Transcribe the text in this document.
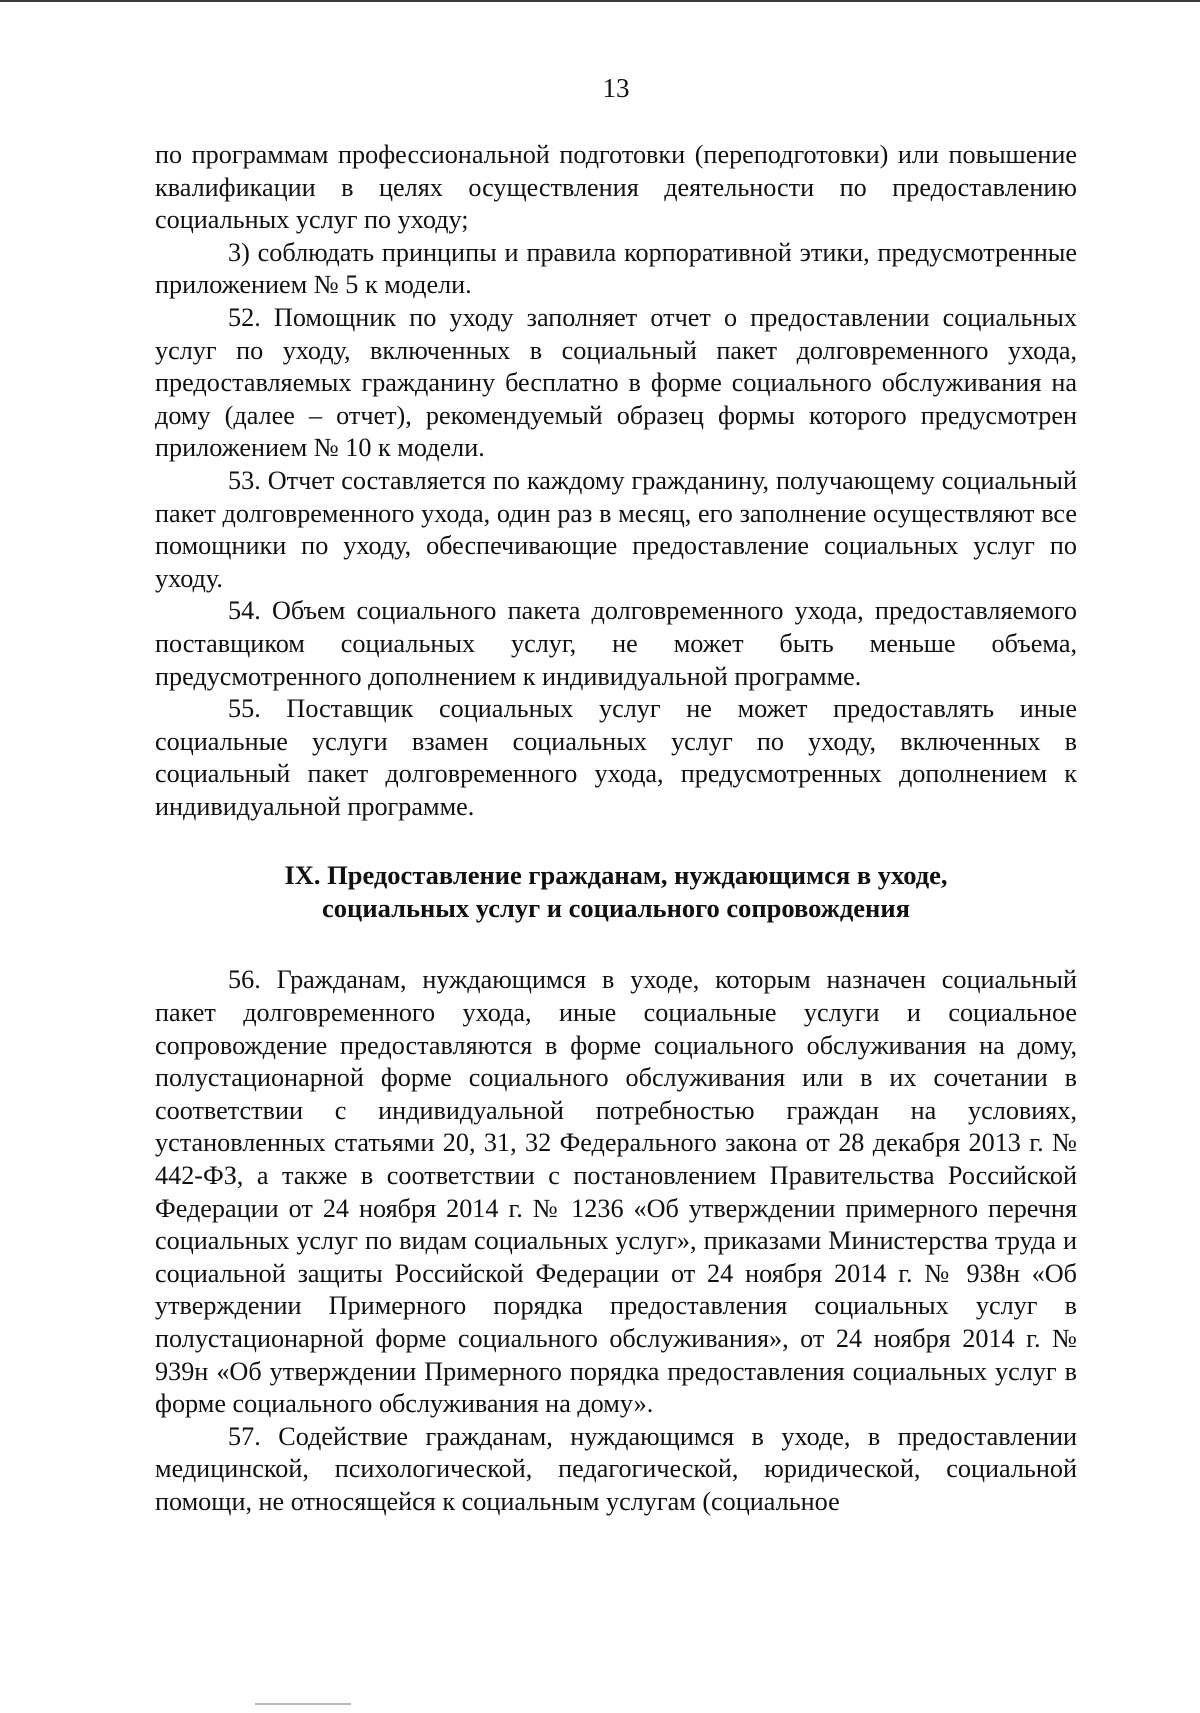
13

по программам профессиональной подготовки (переподготовки) или повышение квалификации в целях осуществления деятельности по предоставлению социальных услуг по уходу;

3) соблюдать принципы и правила корпоративной этики, предусмотренные приложением № 5 к модели.

52. Помощник по уходу заполняет отчет о предоставлении социальных услуг по уходу, включенных в социальный пакет долговременного ухода, предоставляемых гражданину бесплатно в форме социального обслуживания на дому (далее – отчет), рекомендуемый образец формы которого предусмотрен приложением № 10 к модели.

53. Отчет составляется по каждому гражданину, получающему социальный пакет долговременного ухода, один раз в месяц, его заполнение осуществляют все помощники по уходу, обеспечивающие предоставление социальных услуг по уходу.

54. Объем социального пакета долговременного ухода, предоставляемого поставщиком социальных услуг, не может быть меньше объема, предусмотренного дополнением к индивидуальной программе.

55. Поставщик социальных услуг не может предоставлять иные социальные услуги взамен социальных услуг по уходу, включенных в социальный пакет долговременного ухода, предусмотренных дополнением к индивидуальной программе.

IX. Предоставление гражданам, нуждающимся в уходе,
социальных услуг и социального сопровождения

56. Гражданам, нуждающимся в уходе, которым назначен социальный пакет долговременного ухода, иные социальные услуги и социальное сопровождение предоставляются в форме социального обслуживания на дому, полустационарной форме социального обслуживания или в их сочетании в соответствии с индивидуальной потребностью граждан на условиях, установленных статьями 20, 31, 32 Федерального закона от 28 декабря 2013 г. № 442-ФЗ, а также в соответствии с постановлением Правительства Российской Федерации от 24 ноября 2014 г. № 1236 «Об утверждении примерного перечня социальных услуг по видам социальных услуг», приказами Министерства труда и социальной защиты Российской Федерации от 24 ноября 2014 г. № 938н «Об утверждении Примерного порядка предоставления социальных услуг в полустационарной форме социального обслуживания», от 24 ноября 2014 г. № 939н «Об утверждении Примерного порядка предоставления социальных услуг в форме социального обслуживания на дому».

57. Содействие гражданам, нуждающимся в уходе, в предоставлении медицинской, психологической, педагогической, юридической, социальной помощи, не относящейся к социальным услугам (социальное
